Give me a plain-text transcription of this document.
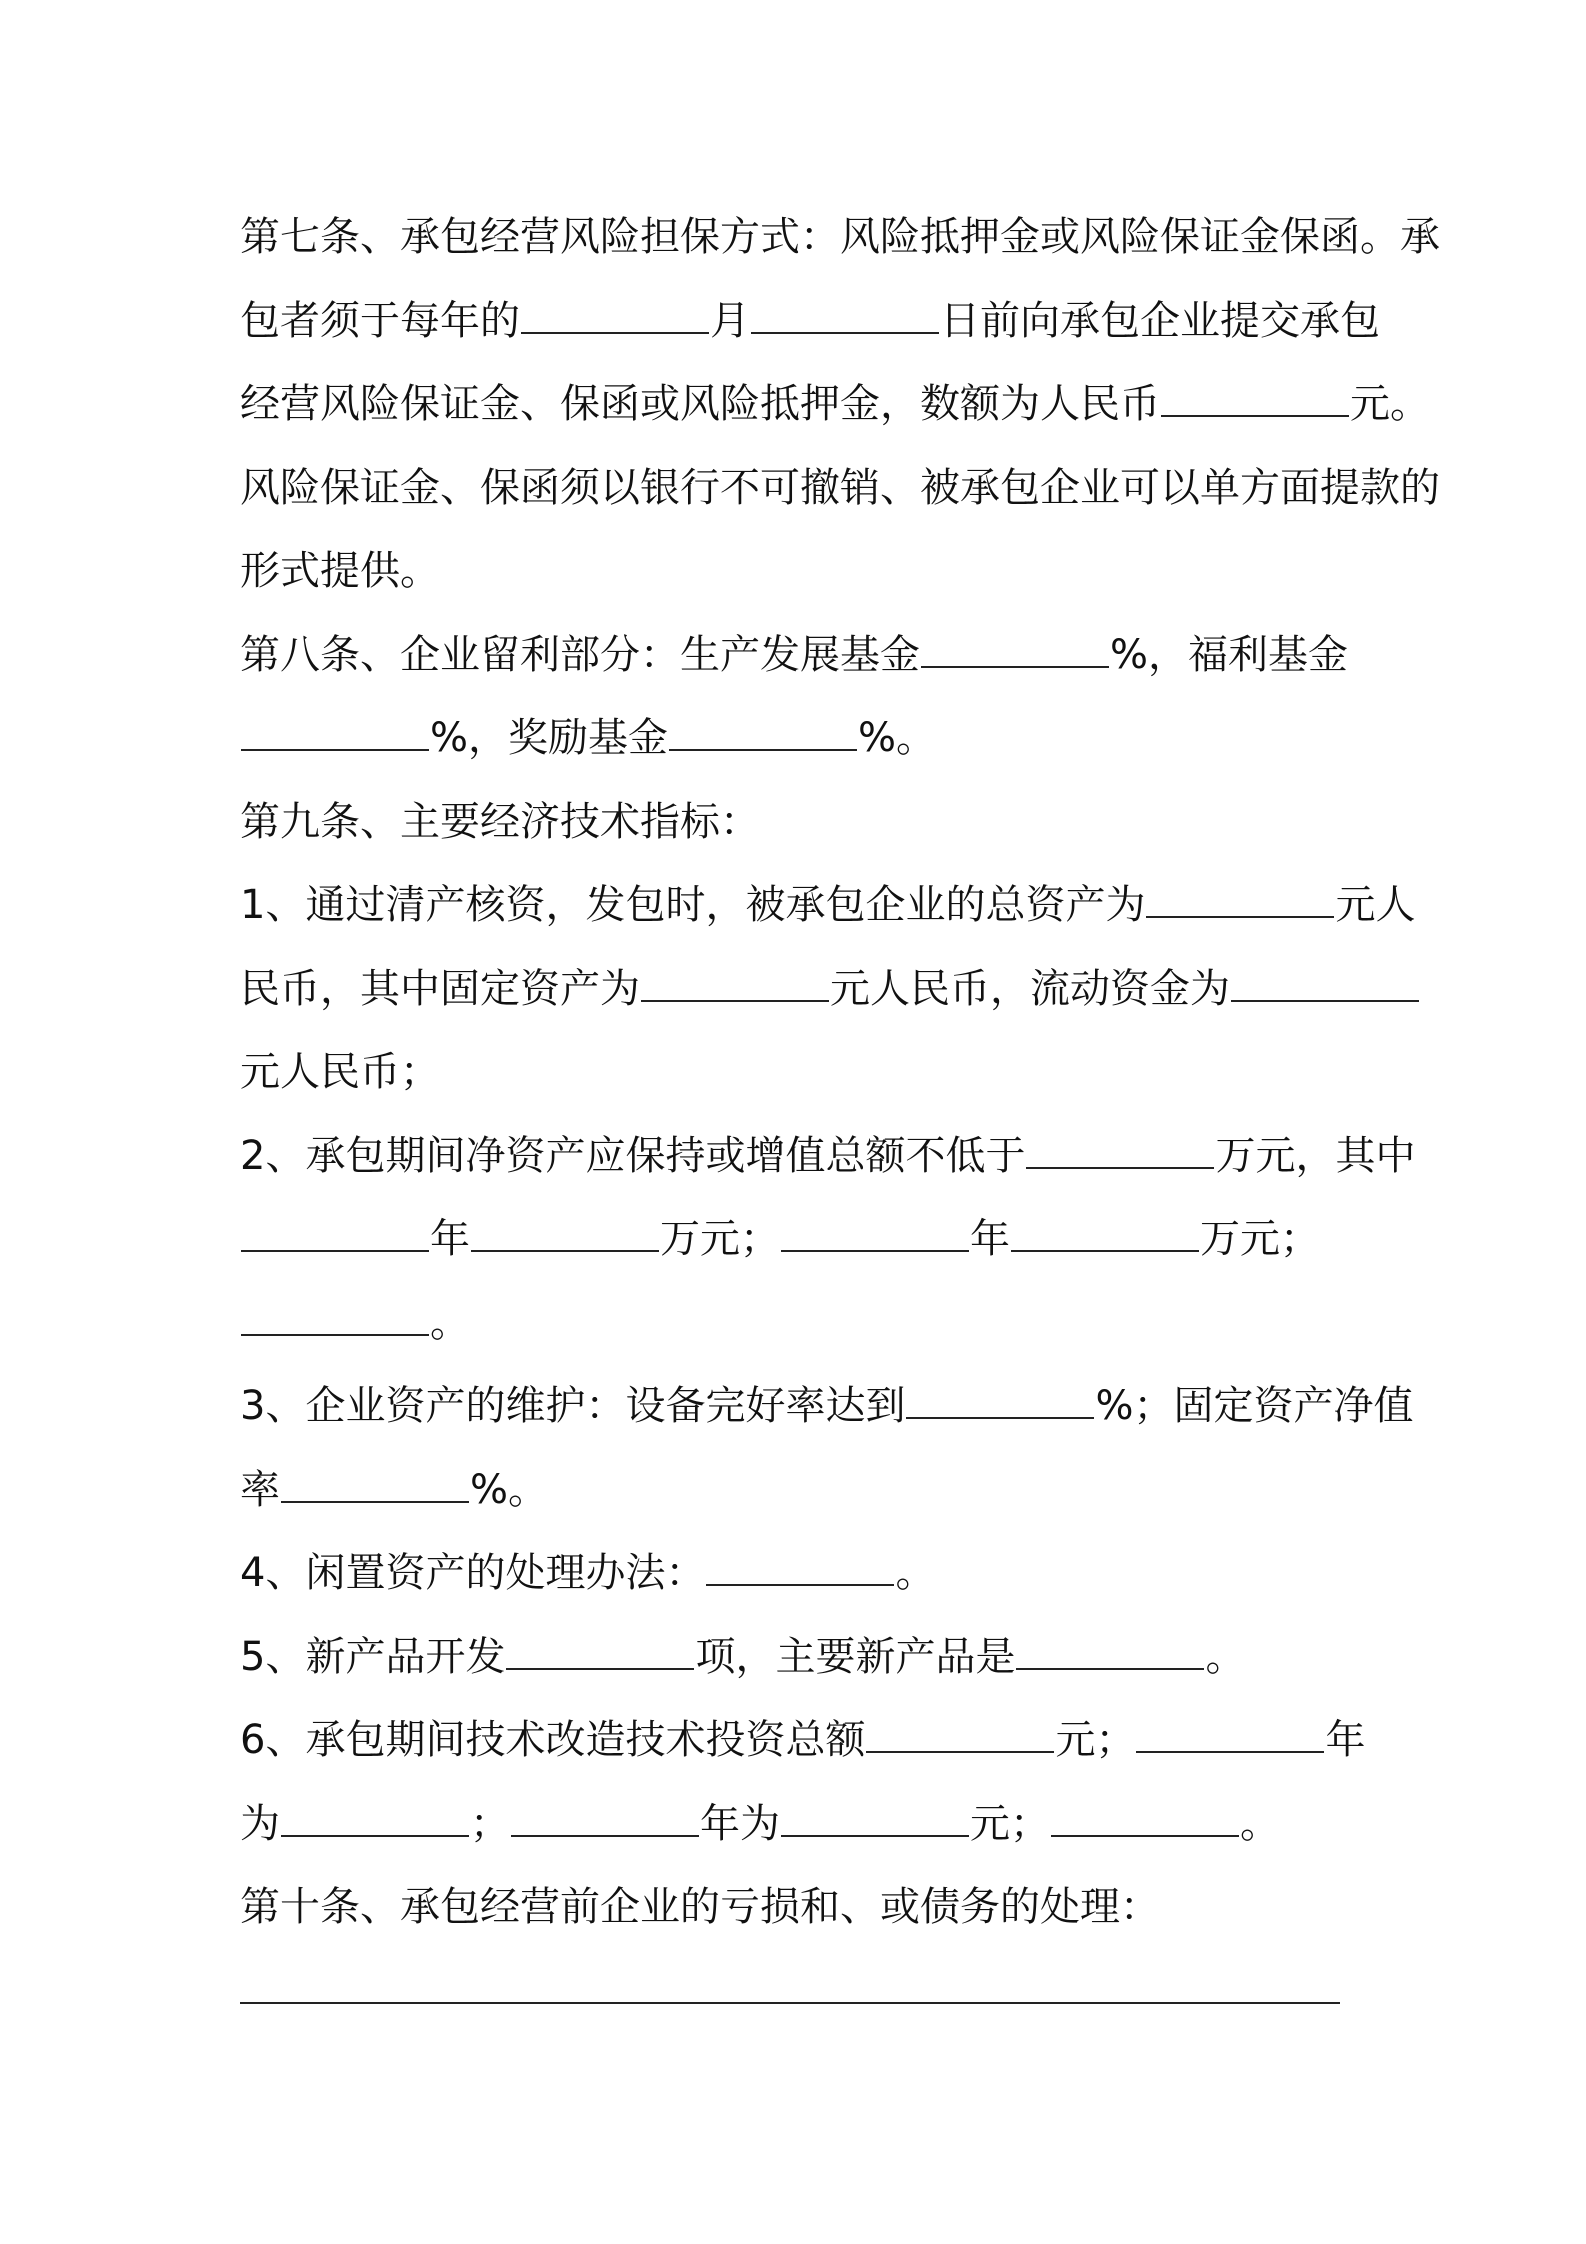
第七条、承包经营风险担保方式：风险抵押金或风险保证金保函。承
包者须于每年的	月	日前向承包企业提交承包
经营风险保证金、保函或风险抵押金，数额为人民币	元。
风险保证金、保函须以银行不可撤销、被承包企业可以单方面提款的
形式提供。
第八条、企业留利部分：生产发展基金	%，福利基金
%，奖励基金	%。
第九条、主要经济技术指标：
1、通过清产核资，发包时，被承包企业的总资产为	元人
民币，其中固定资产为	元人民币，流动资金为
元人民币；
2、承包期间净资产应保持或增值总额不低于	万元，其中
年	万元；	年	万元；
。
3、企业资产的维护：设备完好率达到	%；固定资产净值
率	%。
4、闲置资产的处理办法：	。
5、新产品开发	项，主要新产品是	。
6、承包期间技术改造技术投资总额	元；	年
为	；	年为	元；	。
第十条、承包经营前企业的亏损和、或债务的处理：
